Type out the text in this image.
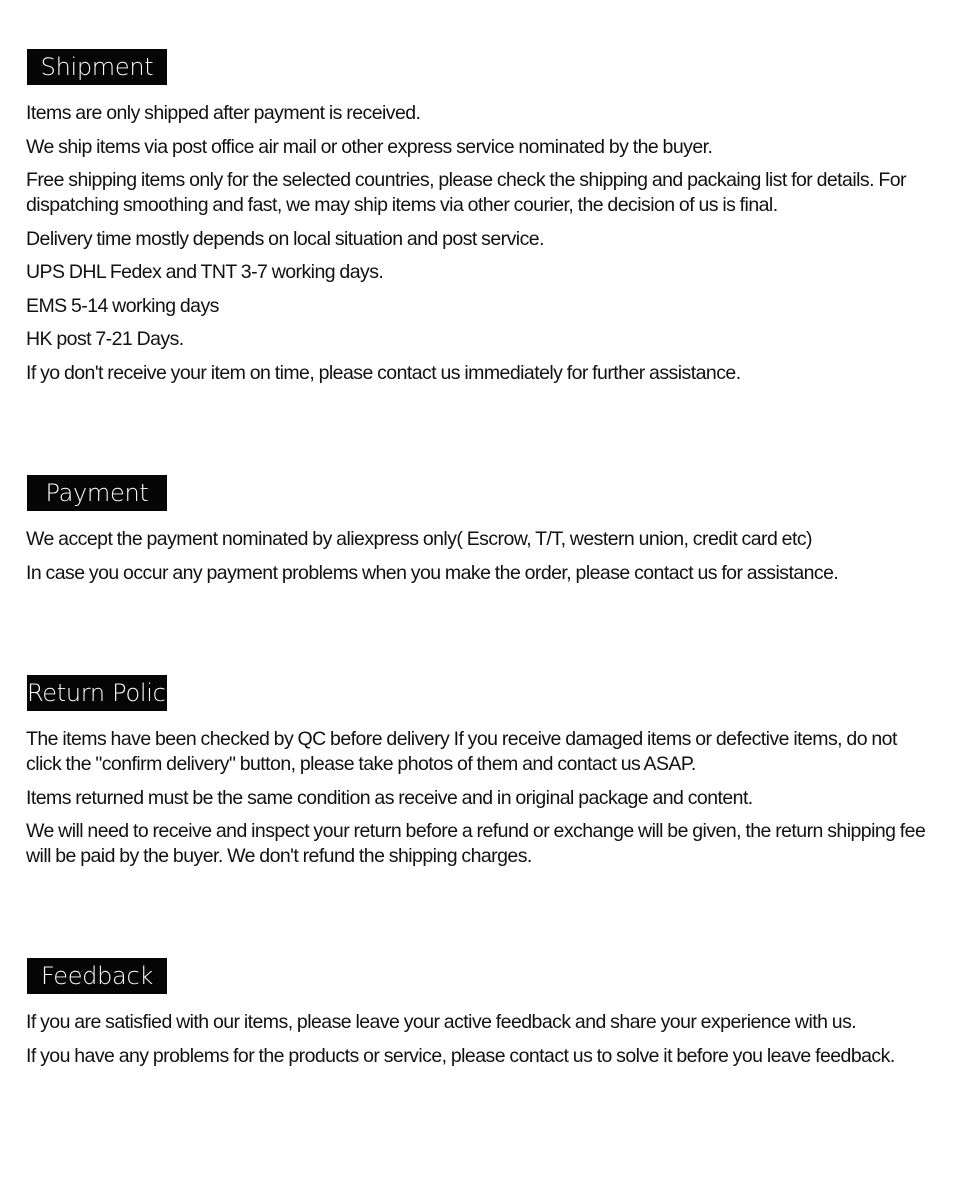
Shipment
Items are only shipped after payment is received.
We ship items via post office air mail or other express service nominated by the buyer.
Free shipping items only for the selected countries, please check the shipping and packaing list for details. For dispatching smoothing and fast, we may ship items via other courier, the decision of us is final.
Delivery time mostly depends on local situation and post service.
UPS DHL Fedex and TNT 3-7 working days.
EMS 5-14 working days
HK post 7-21 Days.
If yo don't receive your item on time, please contact us immediately for further assistance.
Payment
We accept the payment nominated by aliexpress only( Escrow, T/T, western union, credit card etc)
In case you occur any payment problems when you make the order, please contact us for assistance.
Return Policy
The items have been checked by QC before delivery If you receive damaged items or defective items, do not click the "confirm delivery" button, please take photos of them and contact us ASAP.
Items returned must be the same condition as receive and in original package and content.
We will need to receive and inspect your return before a refund or exchange will be given, the return shipping fee will be paid by the buyer. We don't refund the shipping charges.
Feedback
If you are satisfied with our items, please leave your active feedback and share your experience with us.
If you have any problems for the products or service, please contact us to solve it before you leave feedback.
